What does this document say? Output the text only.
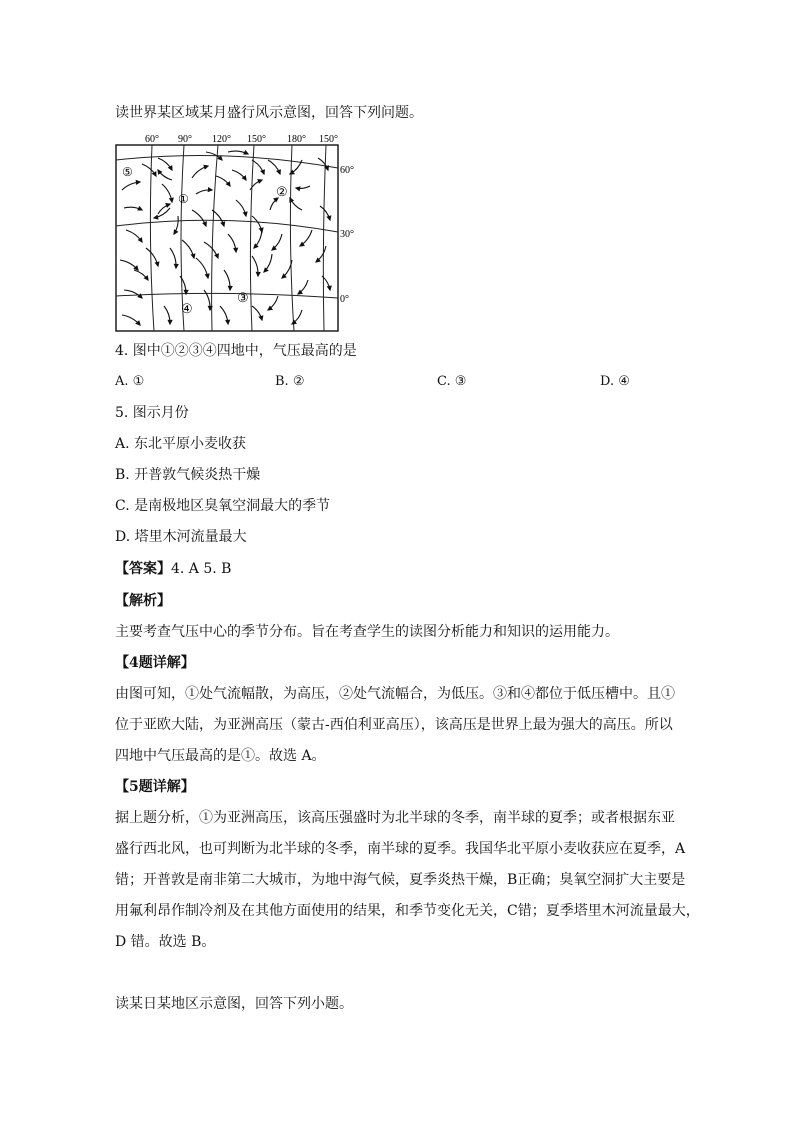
读世界某区域某月盛行风示意图，回答下列问题。
60° 90° 120° 150° 180° 150°
60°
30°
0°
①	②
③
④
⑤
4. 图中①②③④四地中，气压最高的是
A. ①	B. ②	C. ③	D. ④
5. 图示月份
A. 东北平原小麦收获
B. 开普敦气候炎热干燥
C. 是南极地区臭氧空洞最大的季节
D. 塔里木河流量最大
【答案】4. A 5. B
【解析】
主要考查气压中心的季节分布。旨在考查学生的读图分析能力和知识的运用能力。
【4题详解】
由图可知，①处气流幅散，为高压，②处气流幅合，为低压。③和④都位于低压槽中。且①
位于亚欧大陆，为亚洲高压（蒙古-西伯利亚高压），该高压是世界上最为强大的高压。所以
四地中气压最高的是①。故选 A。
【5题详解】
据上题分析，①为亚洲高压，该高压强盛时为北半球的冬季，南半球的夏季；或者根据东亚
盛行西北风，也可判断为北半球的冬季，南半球的夏季。我国华北平原小麦收获应在夏季，A
错；开普敦是南非第二大城市，为地中海气候，夏季炎热干燥，B正确；臭氧空洞扩大主要是
用氟利昂作制冷剂及在其他方面使用的结果，和季节变化无关，C错；夏季塔里木河流量最大，
D 错。故选 B。
读某日某地区示意图，回答下列小题。
